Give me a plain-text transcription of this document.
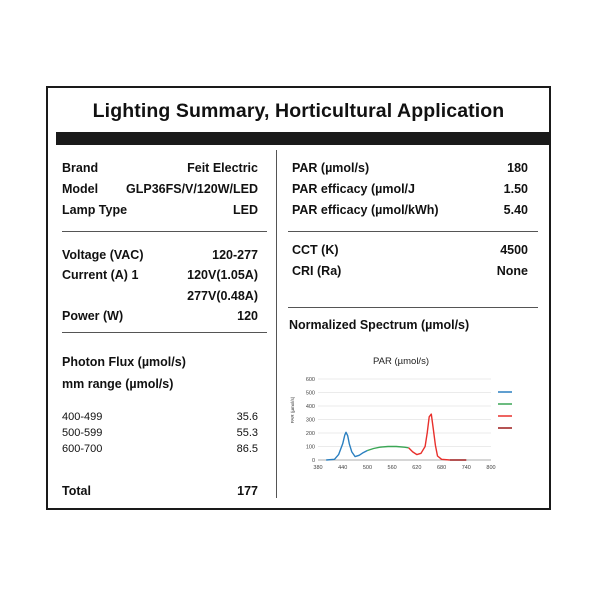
Lighting Summary, Horticultural Application
Brand	Feit Electric
Model GLP36FS/V/120W/LED
Lamp Type	LED
Voltage (VAC)	120-277
Current (A) 1	120V(1.05A)
277V(0.48A)
Power (W)	120
Photon Flux (µmol/s)
mm range (µmol/s)
400-499	35.6
500-599	55.3
600-700	86.5
Total	177
PAR (µmol/s)	180
PAR efficacy (µmol/J	1.50
PAR efficacy (µmol/kWh)	5.40
CCT (K)	4500
CRI (Ra)	None
Normalized Spectrum (µmol/s)
PAR (µmol/s)
PAR (µmol/s)
0
100
200
300
400
500
600
380	440	500	560	620	680	740	800
